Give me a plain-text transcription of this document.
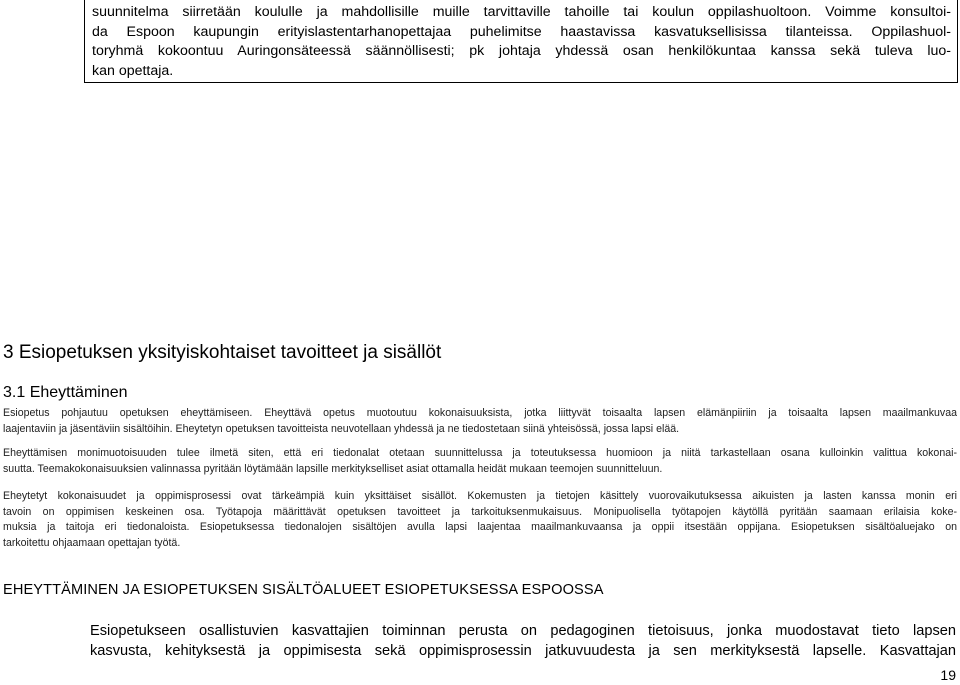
suunnitelma siirretään koululle ja mahdollisille muille tarvittaville tahoille tai koulun oppilashuoltoon. Voimme konsultoi-
da Espoon kaupungin erityislastentarhanopettajaa puhelimitse haastavissa kasvatuksellisissa tilanteissa. Oppilashuol-
toryhmä kokoontuu Auringonsäteessä säännöllisesti; pk johtaja yhdessä osan henkilökuntaa kanssa sekä tuleva luo-
kan opettaja.

3 Esiopetuksen yksityiskohtaiset tavoitteet ja sisällöt
3.1 Eheyttäminen

Esiopetus pohjautuu opetuksen eheyttämiseen. Eheyttävä opetus muotoutuu kokonaisuuksista, jotka liittyvät toisaalta lapsen elämänpiiriin ja toisaalta lapsen maailmankuvaa
laajentaviin ja jäsentäviin sisältöihin. Eheytetyn opetuksen tavoitteista neuvotellaan yhdessä ja ne tiedostetaan siinä yhteisössä, jossa lapsi elää.

Eheyttämisen monimuotoisuuden tulee ilmetä siten, että eri tiedonalat otetaan suunnittelussa ja toteutuksessa huomioon ja niitä tarkastellaan osana kulloinkin valittua kokonai-
suutta. Teemakokonaisuuksien valinnassa pyritään löytämään lapsille merkitykselliset asiat ottamalla heidät mukaan teemojen suunnitteluun.

Eheytetyt kokonaisuudet ja oppimisprosessi ovat tärkeämpiä kuin yksittäiset sisällöt. Kokemusten ja tietojen käsittely vuorovaikutuksessa aikuisten ja lasten kanssa monin eri
tavoin on oppimisen keskeinen osa. Työtapoja määrittävät opetuksen tavoitteet ja tarkoituksenmukaisuus. Monipuolisella työtapojen käytöllä pyritään saamaan erilaisia koke-
muksia ja taitoja eri tiedonaloista. Esiopetuksessa tiedonalojen sisältöjen avulla lapsi laajentaa maailmankuvaansa ja oppii itsestään oppijana. Esiopetuksen sisältöaluejako on
tarkoitettu ohjaamaan opettajan työtä.

EHEYTTÄMINEN JA ESIOPETUKSEN SISÄLTÖALUEET ESIOPETUKSESSA ESPOOSSA

Esiopetukseen osallistuvien kasvattajien toiminnan perusta on pedagoginen tietoisuus, jonka muodostavat tieto lapsen
kasvusta, kehityksestä ja oppimisesta sekä oppimisprosessin jatkuvuudesta ja sen merkityksestä lapselle. Kasvattajan

19
